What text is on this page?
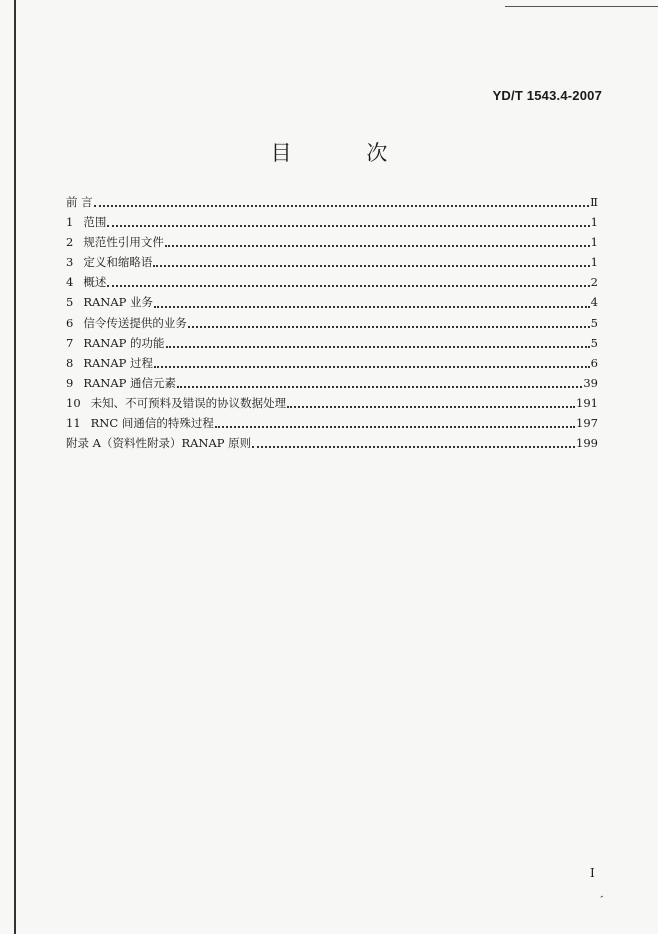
YD/T 1543.4-2007
目 次
前 言	Ⅱ
1 范围	1
2 规范性引用文件	1
3 定义和缩略语	1
4 概述	2
5 RANAP 业务	4
6 信令传送提供的业务	5
7 RANAP 的功能	5
8 RANAP 过程	6
9 RANAP 通信元素	39
10 未知、不可预料及错误的协议数据处理	191
11 RNC 间通信的特殊过程	197
附录 A（资料性附录）RANAP 原则	199
I
ˊ
